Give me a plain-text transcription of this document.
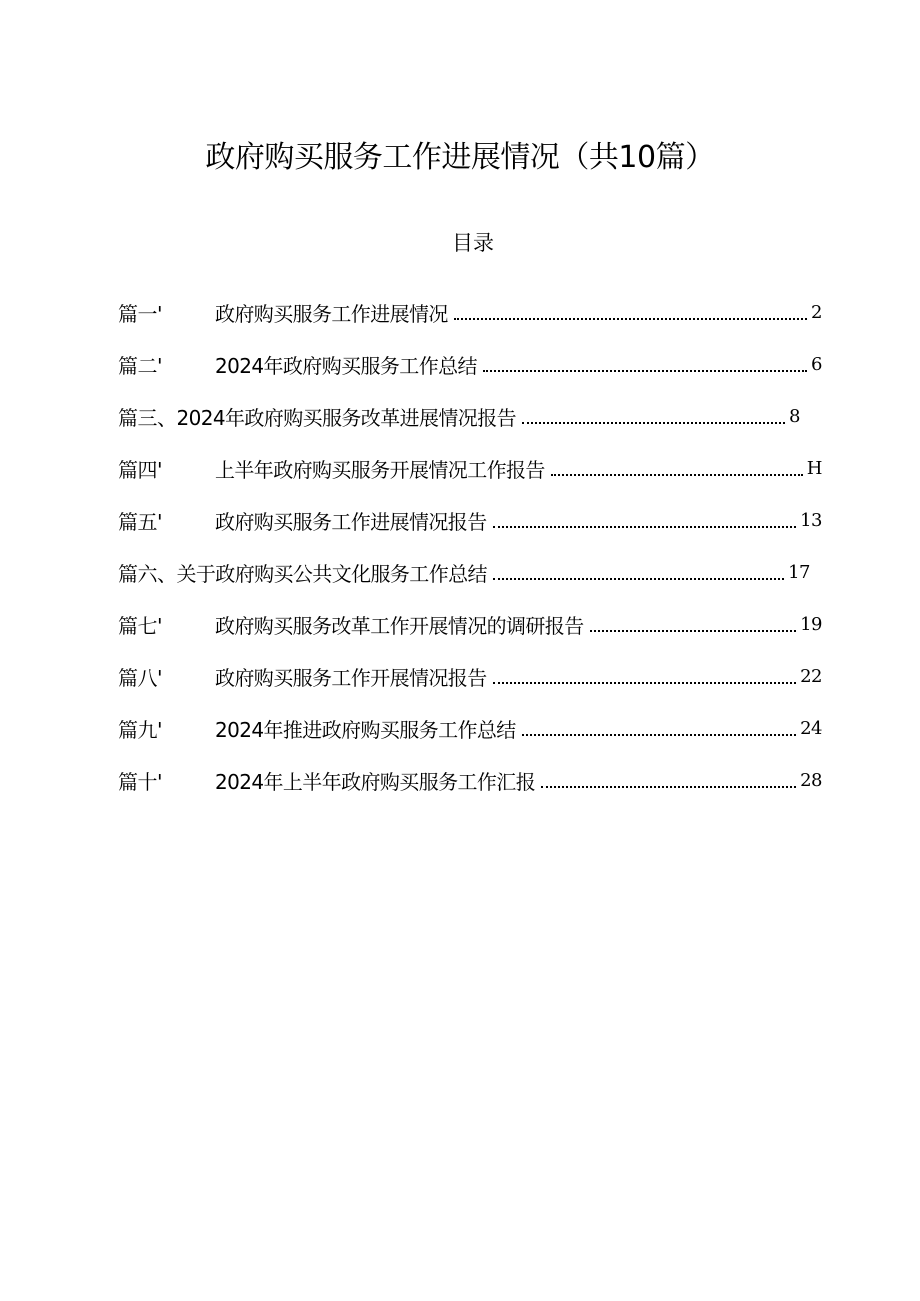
政府购买服务工作进展情况（共10篇）
目录
篇一'	政府购买服务工作进展情况	2
篇二'	2024年政府购买服务工作总结	6
篇三、 2024年政府购买服务改革进展情况报告	8
篇四'	上半年政府购买服务开展情况工作报告	H
篇五'	政府购买服务工作进展情况报告	13
篇六、 关于政府购买公共文化服务工作总结	17
篇七'	政府购买服务改革工作开展情况的调研报告	19
篇八'	政府购买服务工作开展情况报告	22
篇九'	2024年推进政府购买服务工作总结	24
篇十'	2024年上半年政府购买服务工作汇报	28
